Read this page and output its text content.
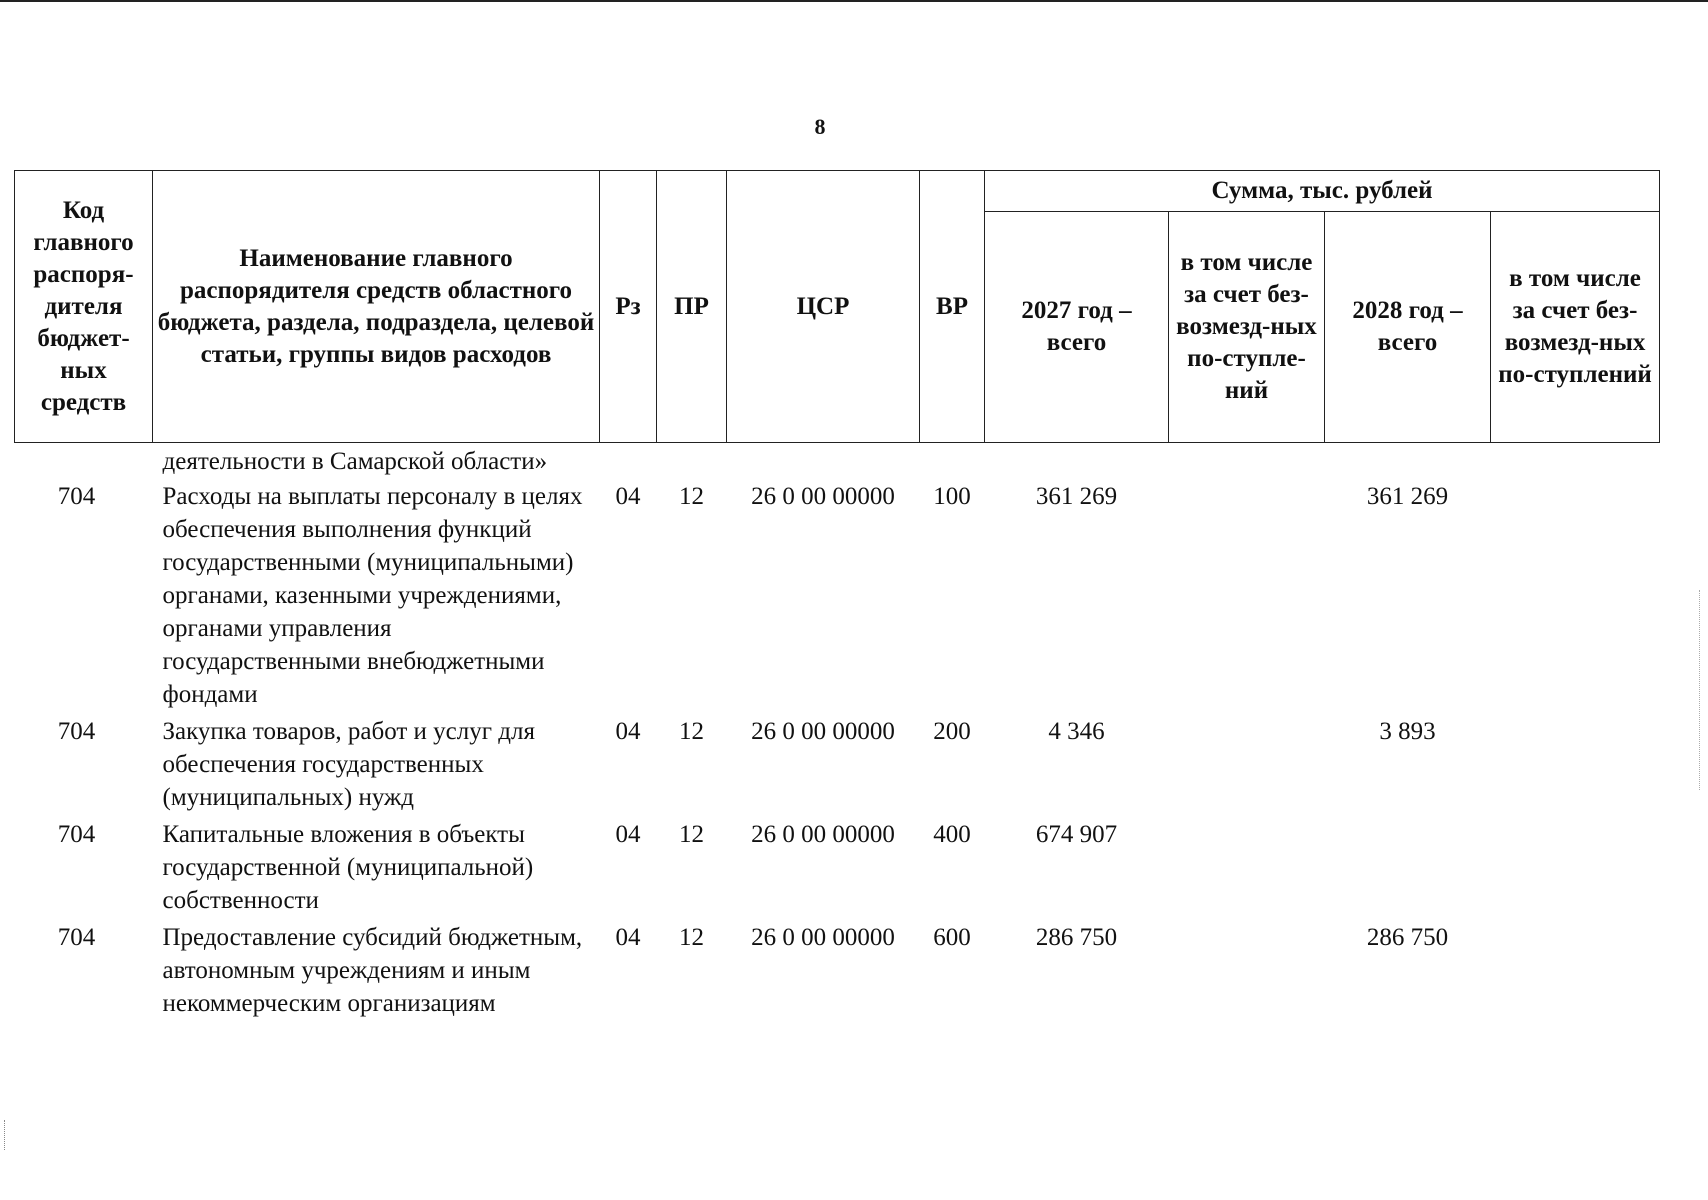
8
Код главного распоря-дителя бюджет-ных средств	Наименование главного распорядителя средств областного бюджета, раздела, подраздела, целевой статьи, группы видов расходов	Рз	ПР	ЦСР	ВР	Сумма, тыс. рублей			
						2027 год – всего	в том числе за счет без-возмезд-ных по-ступле-ний	2028 год – всего	в том числе за счет без-возмезд-ных по-ступлений
	деятельности в Самарской области»								
704	Расходы на выплаты персоналу в целях обеспечения выполнения функций государственными (муниципальными) органами, казенными учреждениями, органами управления государственными внебюджетными фондами	04	12	26 0 00 00000	100	361 269		361 269	
704	Закупка товаров, работ и услуг для обеспечения государственных (муниципальных) нужд	04	12	26 0 00 00000	200	4 346		3 893	
704	Капитальные вложения в объекты государственной (муниципальной) собственности	04	12	26 0 00 00000	400	674 907			
704	Предоставление субсидий бюджетным, автономным учреждениям и иным некоммерческим организациям	04	12	26 0 00 00000	600	286 750		286 750	
